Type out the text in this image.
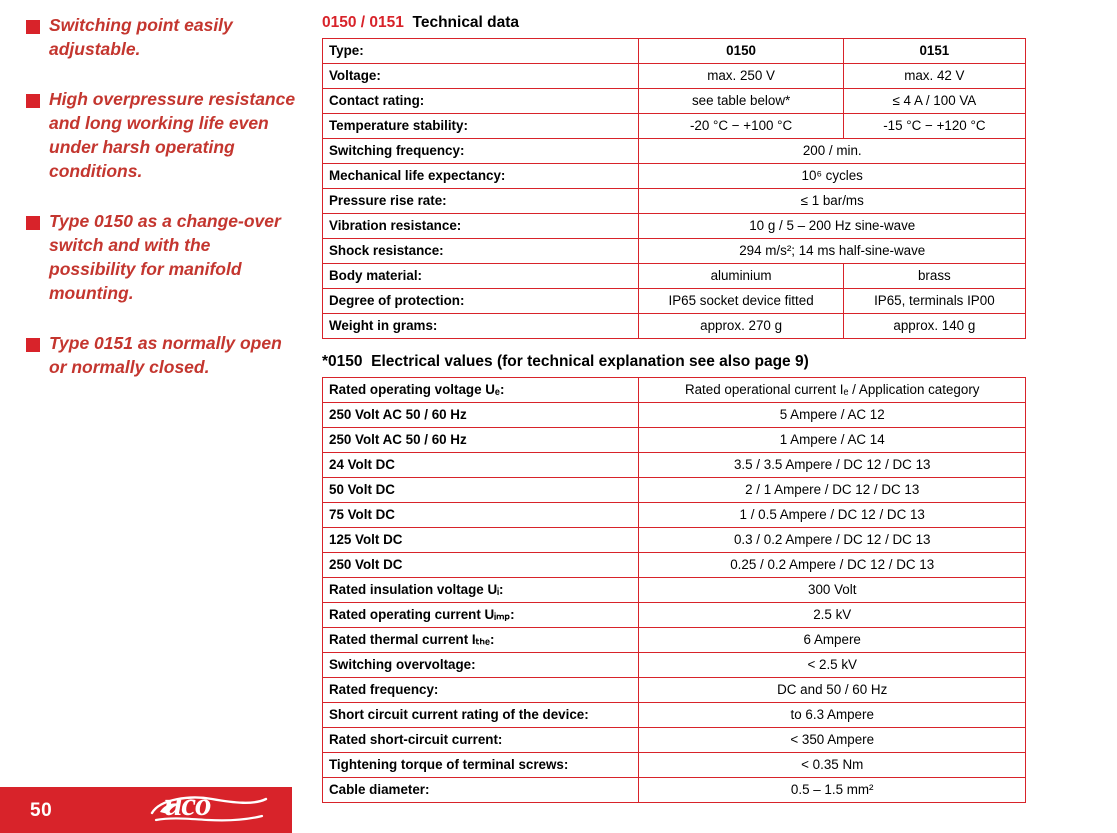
Switching point easily adjustable.
High overpressure resistance and long working life even under harsh operating conditions.
Type 0150 as a change-over switch and with the possibility for manifold mounting.
Type 0151 as normally open or normally closed.
50	uco
0150 / 0151 Technical data
Type:	0150	0151
Voltage:	max. 250 V	max. 42 V
Contact rating:	see table below*	≤ 4 A / 100 VA
Temperature stability:	-20 °C − +100 °C	-15 °C − +120 °C
Switching frequency:	200 / min.	
Mechanical life expectancy:	10⁶ cycles	
Pressure rise rate:	≤ 1 bar/ms	
Vibration resistance:	10 g / 5 – 200 Hz sine-wave	
Shock resistance:	294 m/s²; 14 ms half-sine-wave	
Body material:	aluminium	brass
Degree of protection:	IP65 socket device fitted	IP65, terminals IP00
Weight in grams:	approx. 270 g	approx. 140 g
*0150 Electrical values (for technical explanation see also page 9)
Rated operating voltage Uₑ:	Rated operational current Iₑ / Application category
250 Volt AC 50 / 60 Hz	5 Ampere / AC 12
250 Volt AC 50 / 60 Hz	1 Ampere / AC 14
24 Volt DC	3.5 / 3.5 Ampere / DC 12 / DC 13
50 Volt DC	2 / 1 Ampere / DC 12 / DC 13
75 Volt DC	1 / 0.5 Ampere / DC 12 / DC 13
125 Volt DC	0.3 / 0.2 Ampere / DC 12 / DC 13
250 Volt DC	0.25 / 0.2 Ampere / DC 12 / DC 13
Rated insulation voltage Uᵢ:	300 Volt
Rated operating current Uᵢₘₚ:	2.5 kV
Rated thermal current Iₜₕₑ:	6 Ampere
Switching overvoltage:	< 2.5 kV
Rated frequency:	DC and 50 / 60 Hz
Short circuit current rating of the device:	to 6.3 Ampere
Rated short-circuit current:	< 350 Ampere
Tightening torque of terminal screws:	< 0.35 Nm
Cable diameter:	0.5 – 1.5 mm²
